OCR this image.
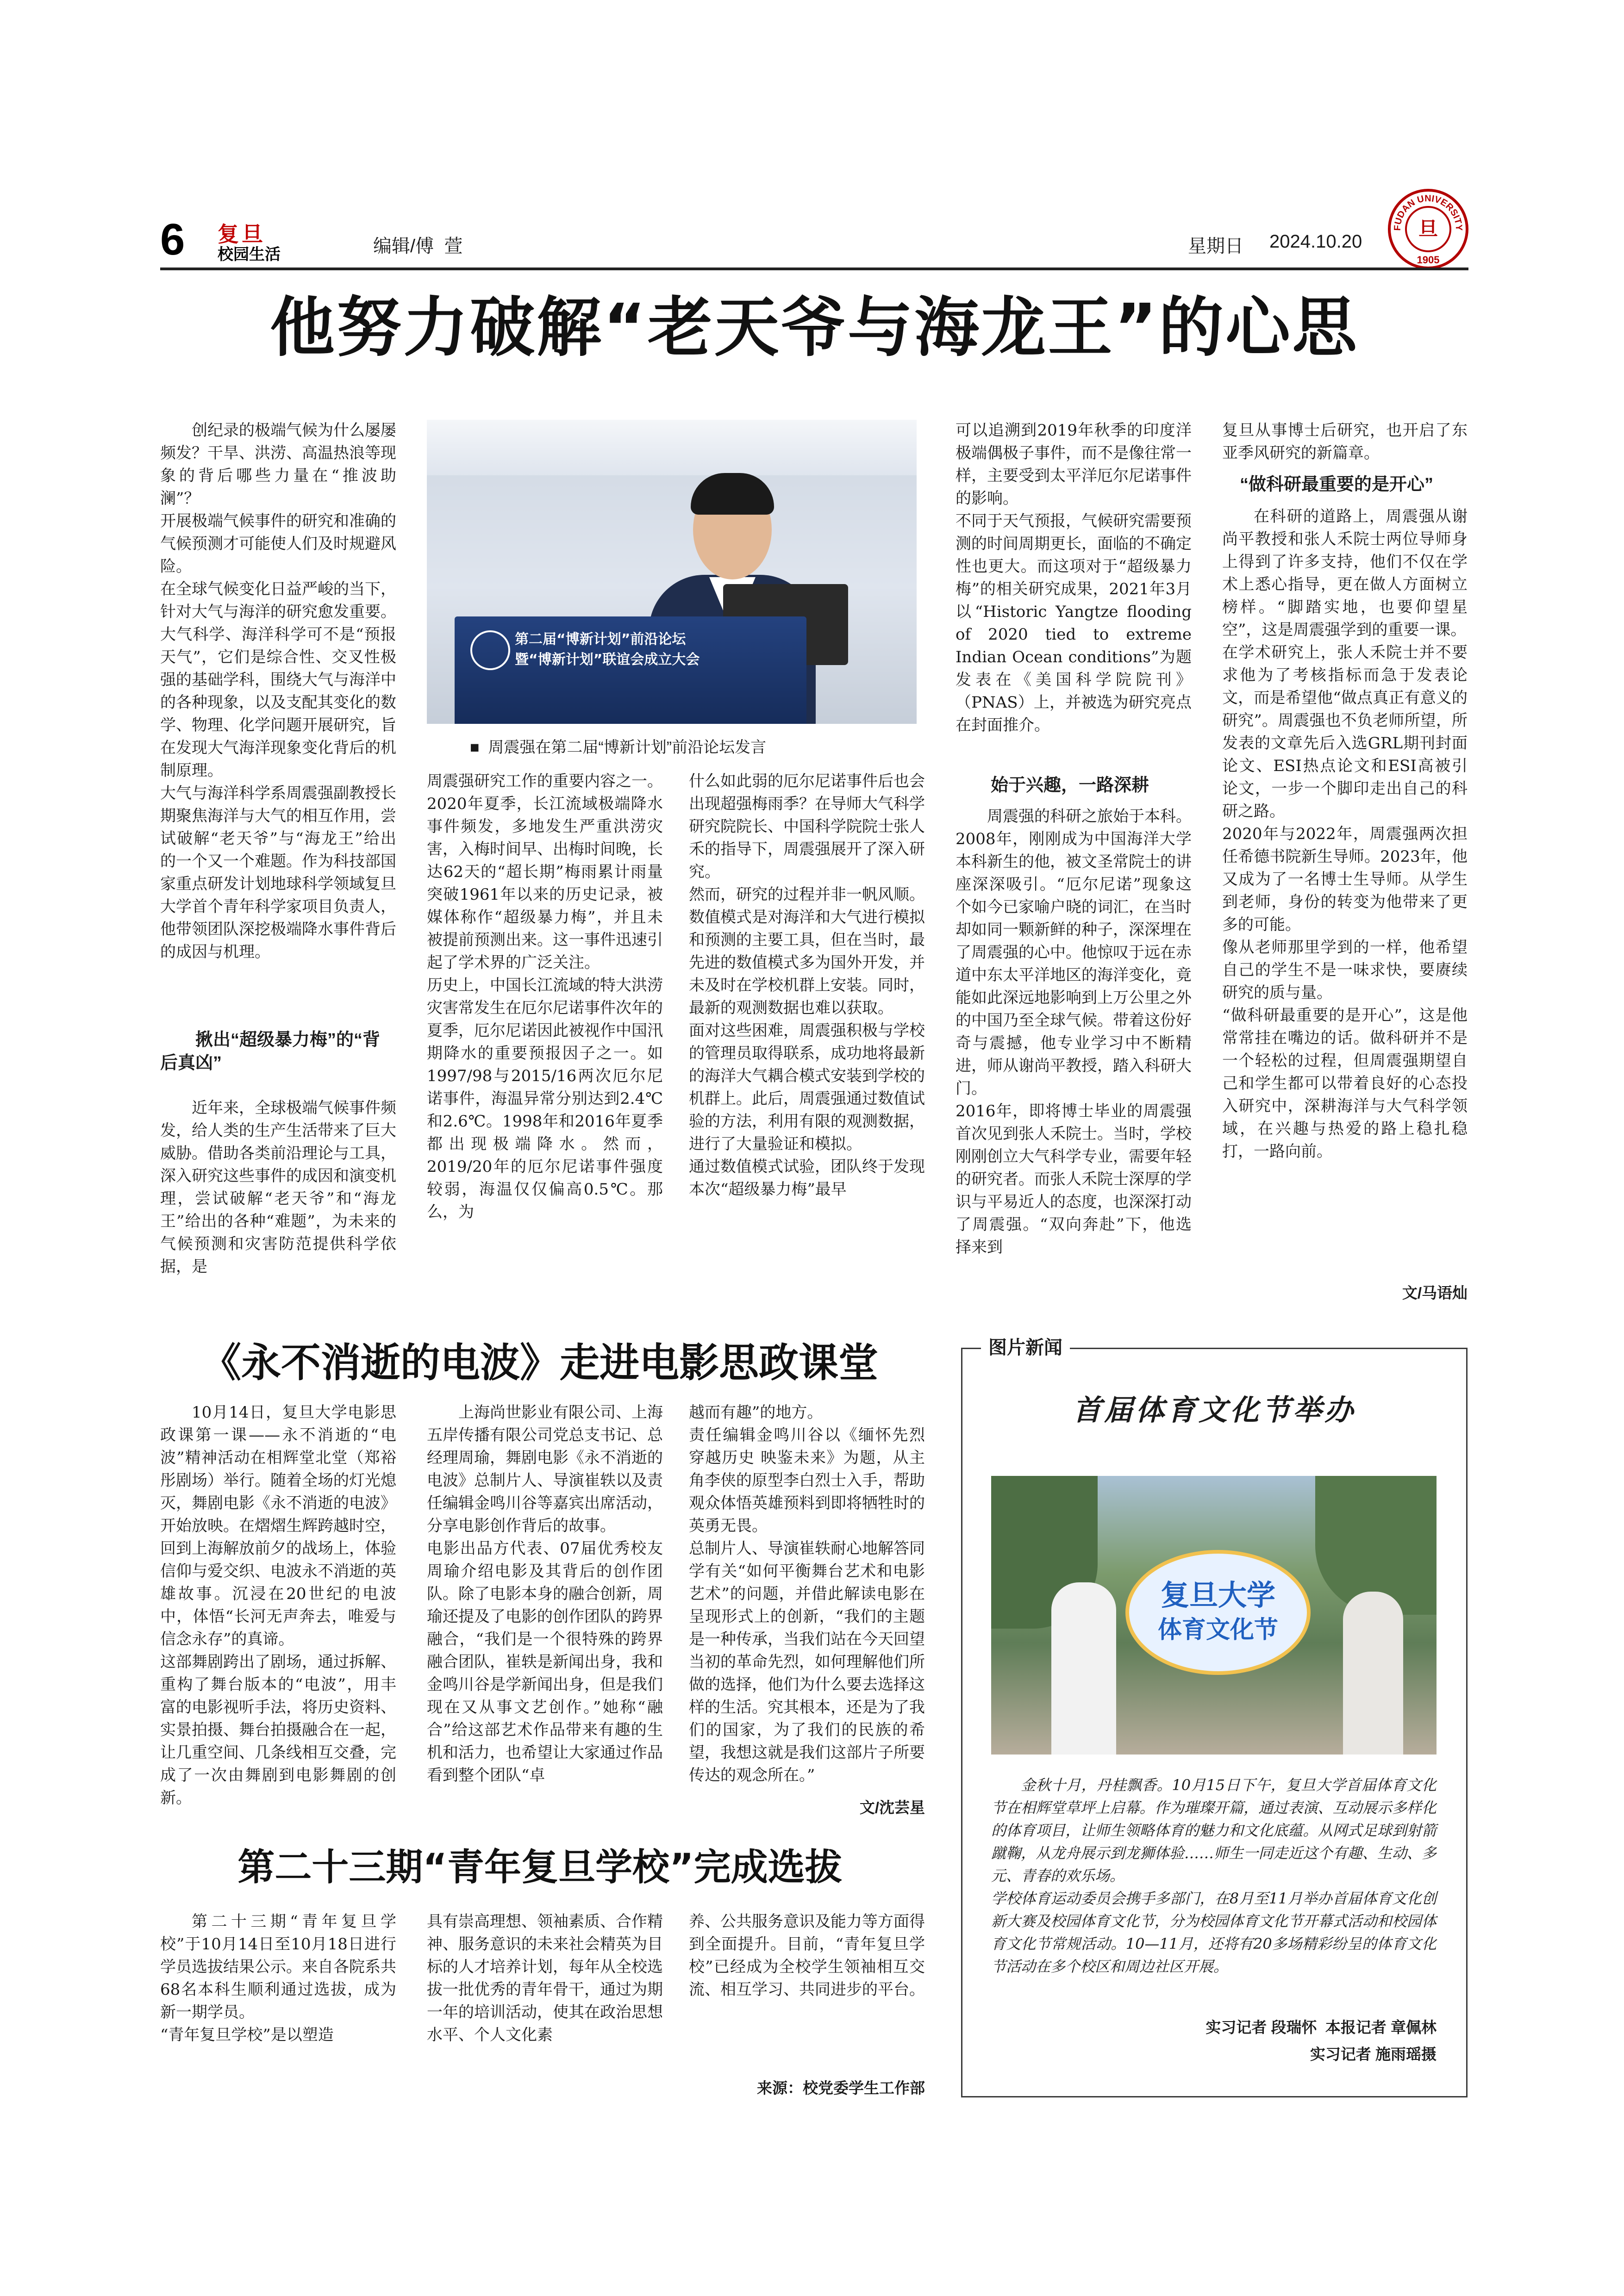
6 复旦
校园生活	编辑/傅  萱	星期日 2024.10.20
FUDAN UNIVERSITY
旦
1905
他努力破解“老天爷与海龙王”的心思
第二届“博新计划”前沿论坛
暨“博新计划”联谊会成立大会
■  周震强在第二届“博新计划”前沿论坛发言

创纪录的极端气候为什么屡屡频发？干旱、洪涝、高温热浪等现象的背后哪些力量在“推波助澜”？
开展极端气候事件的研究和准确的气候预测才可能使人们及时规避风险。
在全球气候变化日益严峻的当下，针对大气与海洋的研究愈发重要。大气科学、海洋科学可不是“预报天气”，它们是综合性、交叉性极强的基础学科，围绕大气与海洋中的各种现象，以及支配其变化的数学、物理、化学问题开展研究，旨在发现大气海洋现象变化背后的机制原理。
大气与海洋科学系周震强副教授长期聚焦海洋与大气的相互作用，尝试破解“老天爷”与“海龙王”给出的一个又一个难题。作为科技部国家重点研发计划地球科学领域复旦大学首个青年科学家项目负责人，他带领团队深挖极端降水事件背后的成因与机理。

揪出“超级暴力梅”的“背后真凶”

近年来，全球极端气候事件频发，给人类的生产生活带来了巨大威胁。借助各类前沿理论与工具，深入研究这些事件的成因和演变机理，尝试破解“老天爷”和“海龙王”给出的各种“难题”，为未来的气候预测和灾害防范提供科学依据，是

周震强研究工作的重要内容之一。
2020年夏季，长江流域极端降水事件频发，多地发生严重洪涝灾害，入梅时间早、出梅时间晚，长达62天的“超长期”梅雨累计雨量突破1961年以来的历史记录，被媒体称作“超级暴力梅”，并且未被提前预测出来。这一事件迅速引起了学术界的广泛关注。
历史上，中国长江流域的特大洪涝灾害常发生在厄尔尼诺事件次年的夏季，厄尔尼诺因此被视作中国汛期降水的重要预报因子之一。如1997/98与2015/16两次厄尔尼诺事件，海温异常分别达到2.4℃和2.6℃。1998年和2016年夏季都出现极端降水。然而，2019/20年的厄尔尼诺事件强度较弱，海温仅仅偏高0.5℃。那么，为

什么如此弱的厄尔尼诺事件后也会出现超强梅雨季？在导师大气科学研究院院长、中国科学院院士张人禾的指导下，周震强展开了深入研究。
然而，研究的过程并非一帆风顺。
数值模式是对海洋和大气进行模拟和预测的主要工具，但在当时，最先进的数值模式多为国外开发，并未及时在学校机群上安装。同时，最新的观测数据也难以获取。
面对这些困难，周震强积极与学校的管理员取得联系，成功地将最新的海洋大气耦合模式安装到学校的机群上。此后，周震强通过数值试验的方法，利用有限的观测数据，进行了大量验证和模拟。
通过数值模式试验，团队终于发现本次“超级暴力梅”最早

可以追溯到2019年秋季的印度洋极端偶极子事件，而不是像往常一样，主要受到太平洋厄尔尼诺事件的影响。
不同于天气预报，气候研究需要预测的时间周期更长，面临的不确定性也更大。而这项对于“超级暴力梅”的相关研究成果，2021年3月以“Historic Yangtze flooding of 2020 tied to extreme Indian Ocean conditions”为题发表在《美国科学院院刊》（PNAS）上，并被选为研究亮点在封面推介。

始于兴趣，一路深耕

周震强的科研之旅始于本科。2008年，刚刚成为中国海洋大学本科新生的他，被文圣常院士的讲座深深吸引。“厄尔尼诺”现象这个如今已家喻户晓的词汇，在当时却如同一颗新鲜的种子，深深埋在了周震强的心中。他惊叹于远在赤道中东太平洋地区的海洋变化，竟能如此深远地影响到上万公里之外的中国乃至全球气候。带着这份好奇与震撼，他专业学习中不断精进，师从谢尚平教授，踏入科研大门。
2016年，即将博士毕业的周震强首次见到张人禾院士。当时，学校刚刚创立大气科学专业，需要年轻的研究者。而张人禾院士深厚的学识与平易近人的态度，也深深打动了周震强。“双向奔赴”下，他选择来到

复旦从事博士后研究，也开启了东亚季风研究的新篇章。

“做科研最重要的是开心”

在科研的道路上，周震强从谢尚平教授和张人禾院士两位导师身上得到了许多支持，他们不仅在学术上悉心指导，更在做人方面树立榜样。“脚踏实地，也要仰望星空”，这是周震强学到的重要一课。
在学术研究上，张人禾院士并不要求他为了考核指标而急于发表论文，而是希望他“做点真正有意义的研究”。周震强也不负老师所望，所发表的文章先后入选GRL期刊封面论文、ESI热点论文和ESI高被引论文，一步一个脚印走出自己的科研之路。
2020年与2022年，周震强两次担任希德书院新生导师。2023年，他又成为了一名博士生导师。从学生到老师，身份的转变为他带来了更多的可能。
像从老师那里学到的一样，他希望自己的学生不是一味求快，要赓续研究的质与量。
“做科研最重要的是开心”，这是他常常挂在嘴边的话。做科研并不是一个轻松的过程，但周震强期望自己和学生都可以带着良好的心态投入研究中，深耕海洋与大气科学领域，在兴趣与热爱的路上稳扎稳打，一路向前。

文/马语灿
《永不消逝的电波》走进电影思政课堂

10月14日，复旦大学电影思政课第一课——永不消逝的“电波”精神活动在相辉堂北堂（郑裕彤剧场）举行。随着全场的灯光熄灭，舞剧电影《永不消逝的电波》开始放映。在熠熠生辉跨越时空，回到上海解放前夕的战场上，体验信仰与爱交织、电波永不消逝的英雄故事。沉浸在20世纪的电波中，体悟“长河无声奔去，唯爱与信念永存”的真谛。
这部舞剧跨出了剧场，通过拆解、重构了舞台版本的“电波”，用丰富的电影视听手法，将历史资料、实景拍摄、舞台拍摄融合在一起，让几重空间、几条线相互交叠，完成了一次由舞剧到电影舞剧的创新。

上海尚世影业有限公司、上海五岸传播有限公司党总支书记、总经理周瑜，舞剧电影《永不消逝的电波》总制片人、导演崔轶以及责任编辑金鸣川谷等嘉宾出席活动，分享电影创作背后的故事。
电影出品方代表、07届优秀校友周瑜介绍电影及其背后的创作团队。除了电影本身的融合创新，周瑜还提及了电影的创作团队的跨界融合，“我们是一个很特殊的跨界融合团队，崔轶是新闻出身，我和金鸣川谷是学新闻出身，但是我们现在又从事文艺创作。”她称“融合”给这部艺术作品带来有趣的生机和活力，也希望让大家通过作品看到整个团队“卓

越而有趣”的地方。
责任编辑金鸣川谷以《缅怀先烈 穿越历史 映鉴未来》为题，从主角李侠的原型李白烈士入手，帮助观众体悟英雄预料到即将牺牲时的英勇无畏。
总制片人、导演崔轶耐心地解答同学有关“如何平衡舞台艺术和电影艺术”的问题，并借此解读电影在呈现形式上的创新，“我们的主题是一种传承，当我们站在今天回望当初的革命先烈，如何理解他们所做的选择，他们为什么要去选择这样的生活。究其根本，还是为了我们的国家，为了我们的民族的希望，我想这就是我们这部片子所要传达的观念所在。”

文/沈芸星
第二十三期“青年复旦学校”完成选拔

第二十三期“青年复旦学校”于10月14日至10月18日进行学员选拔结果公示。来自各院系共68名本科生顺利通过选拔，成为新一期学员。
“青年复旦学校”是以塑造

具有崇高理想、领袖素质、合作精神、服务意识的未来社会精英为目标的人才培养计划，每年从全校选拔一批优秀的青年骨干，通过为期一年的培训活动，使其在政治思想水平、个人文化素

养、公共服务意识及能力等方面得到全面提升。目前，“青年复旦学校”已经成为全校学生领袖相互交流、相互学习、共同进步的平台。

来源：校党委学生工作部
图片新闻
首届体育文化节举办
复旦大学
体育文化节

金秋十月，丹桂飘香。10月15日下午，复旦大学首届体育文化节在相辉堂草坪上启幕。作为璀璨开篇，通过表演、互动展示多样化的体育项目，让师生领略体育的魅力和文化底蕴。从网式足球到射箭蹴鞠，从龙舟展示到龙狮体验……师生一同走近这个有趣、生动、多元、青春的欢乐场。
学校体育运动委员会携手多部门，在8月至11月举办首届体育文化创新大赛及校园体育文化节，分为校园体育文化节开幕式活动和校园体育文化节常规活动。10—11月，还将有20多场精彩纷呈的体育文化节活动在多个校区和周边社区开展。

实习记者 段瑞怀  本报记者 章佩林
实习记者 施雨瑶摄
